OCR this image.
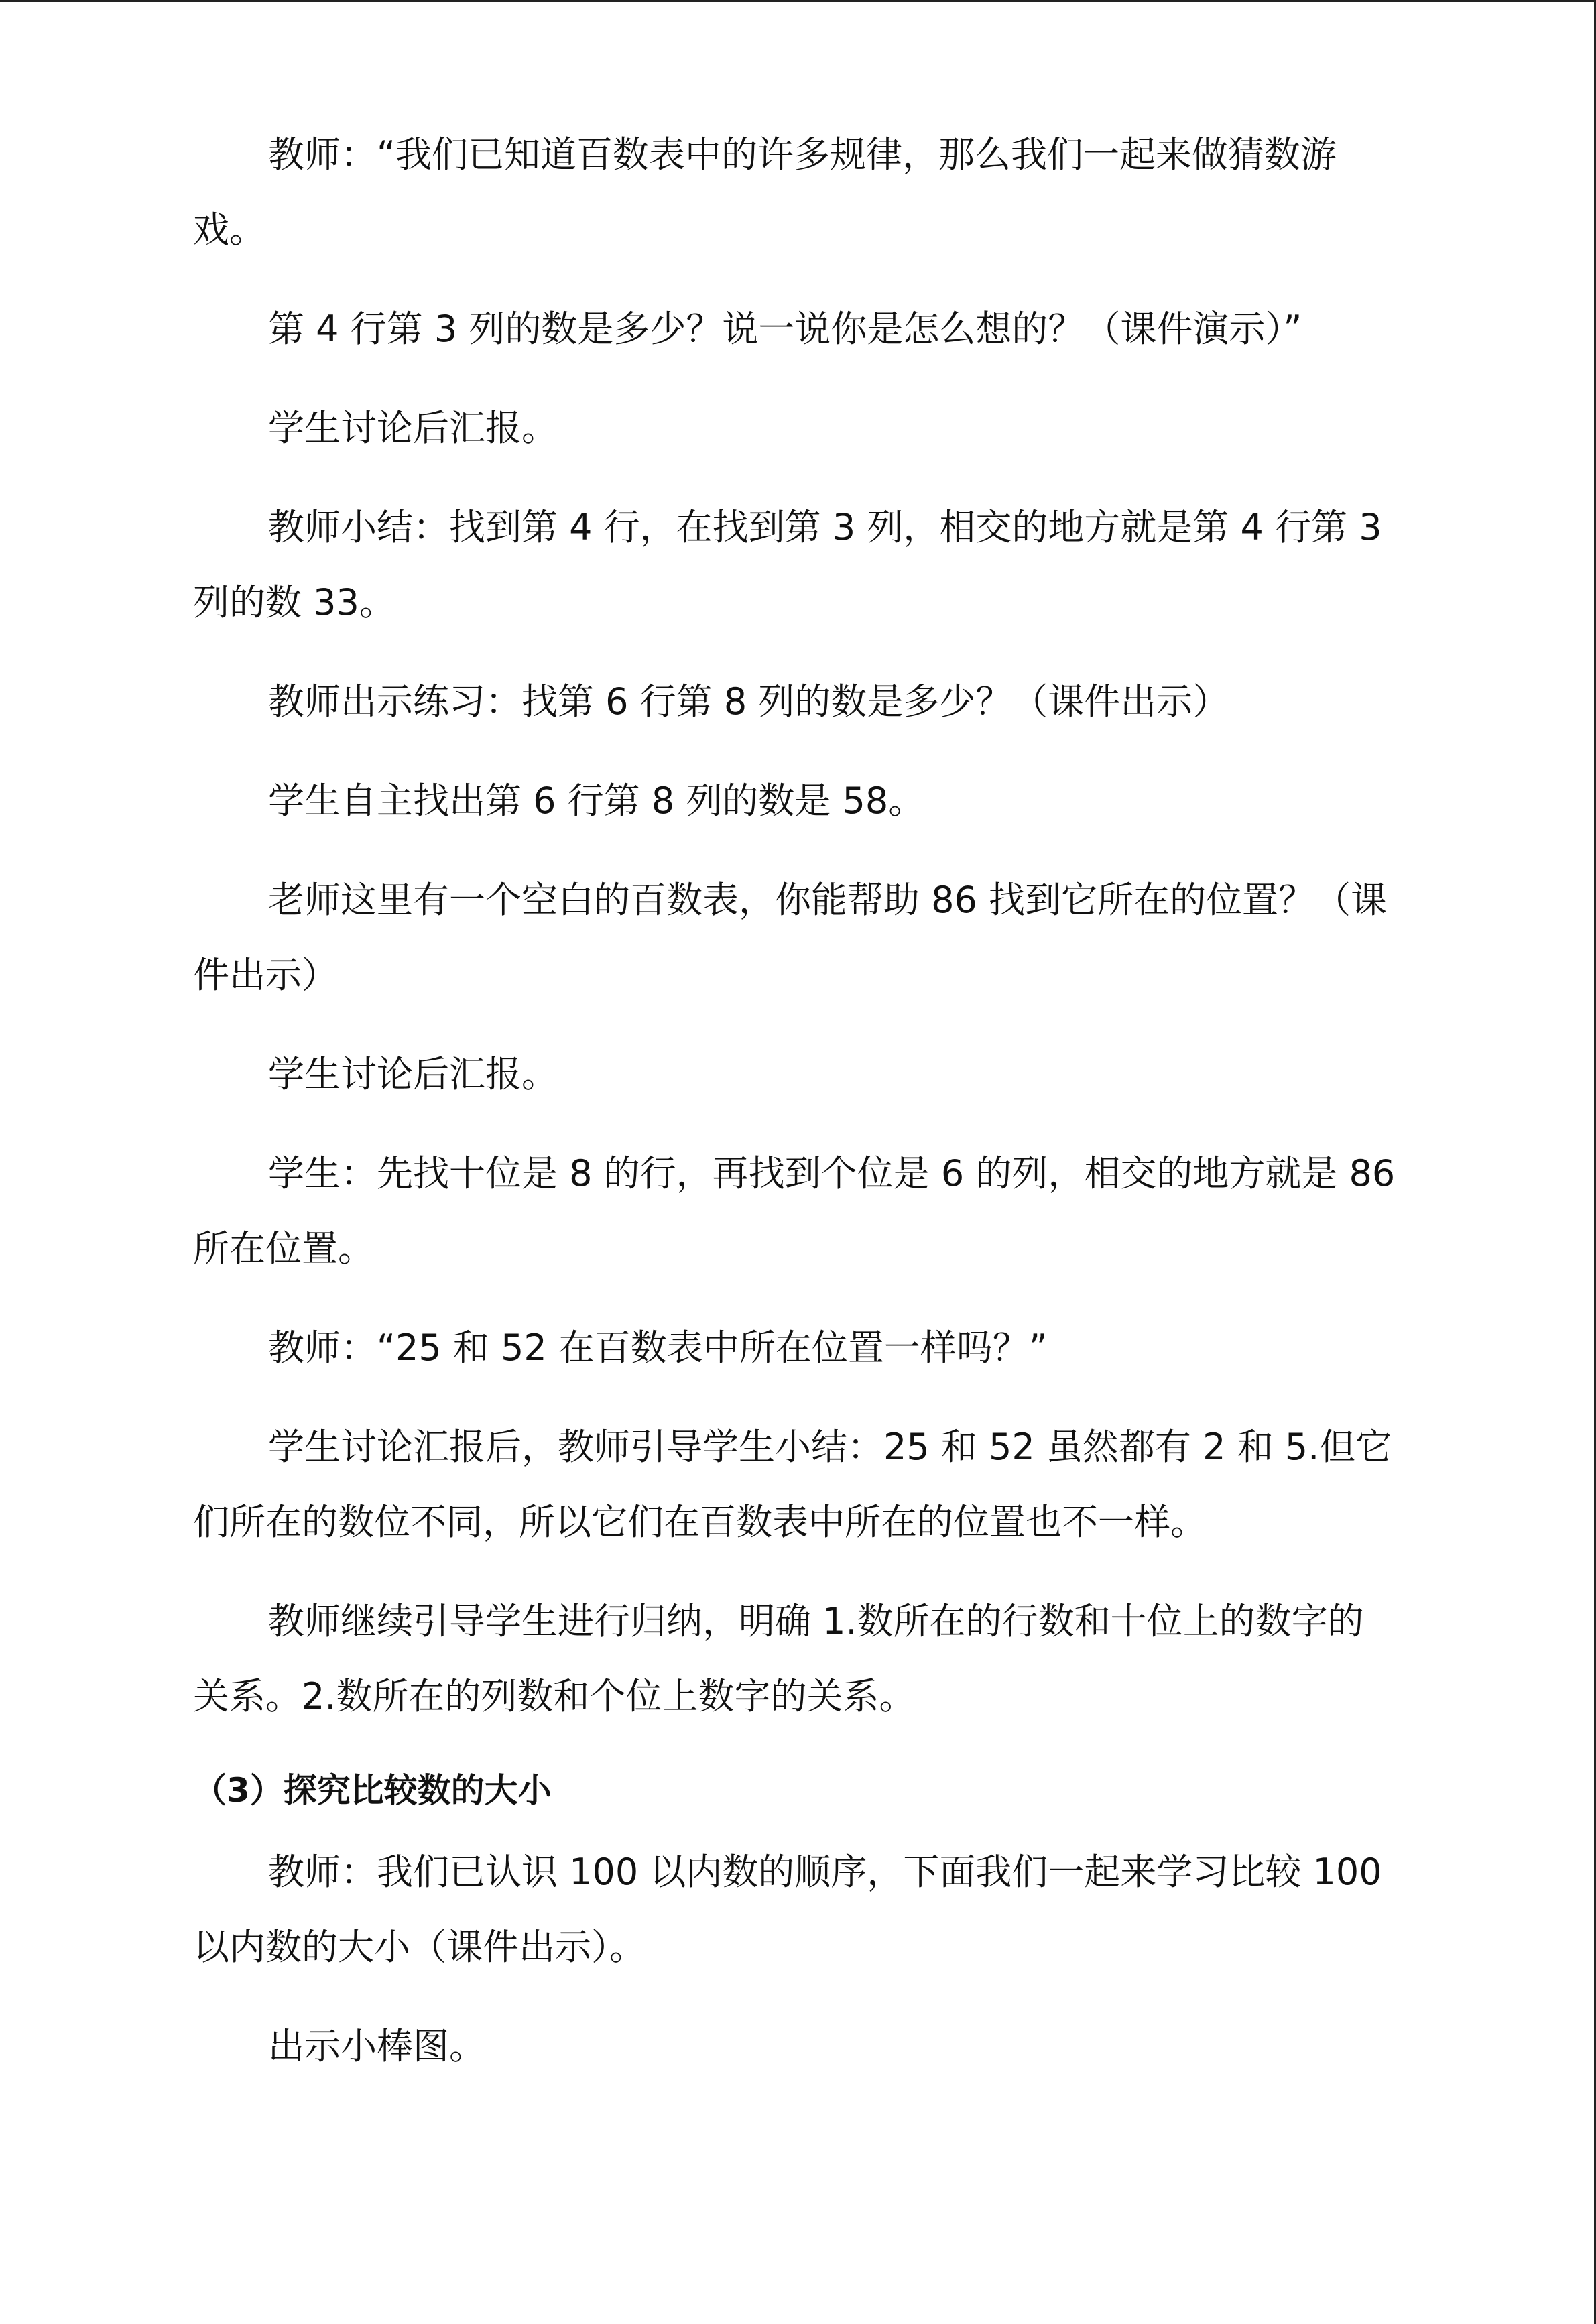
教师：“我们已知道百数表中的许多规律，那么我们一起来做猜数游戏。

第 4 行第 3 列的数是多少？说一说你是怎么想的？（课件演示）”

学生讨论后汇报。

教师小结：找到第 4 行，在找到第 3 列，相交的地方就是第 4 行第 3 列的数 33。

教师出示练习：找第 6 行第 8 列的数是多少？（课件出示）

学生自主找出第 6 行第 8 列的数是 58。

老师这里有一个空白的百数表，你能帮助 86 找到它所在的位置？（课件出示）

学生讨论后汇报。

学生：先找十位是 8 的行，再找到个位是 6 的列，相交的地方就是 86 所在位置。

教师：“25 和 52 在百数表中所在位置一样吗？”

学生讨论汇报后，教师引导学生小结：25 和 52 虽然都有 2 和 5.但它们所在的数位不同，所以它们在百数表中所在的位置也不一样。

教师继续引导学生进行归纳，明确 1.数所在的行数和十位上的数字的关系。2.数所在的列数和个位上数字的关系。

（3）探究比较数的大小

教师：我们已认识 100 以内数的顺序，下面我们一起来学习比较 100 以内数的大小（课件出示）。

出示小棒图。
